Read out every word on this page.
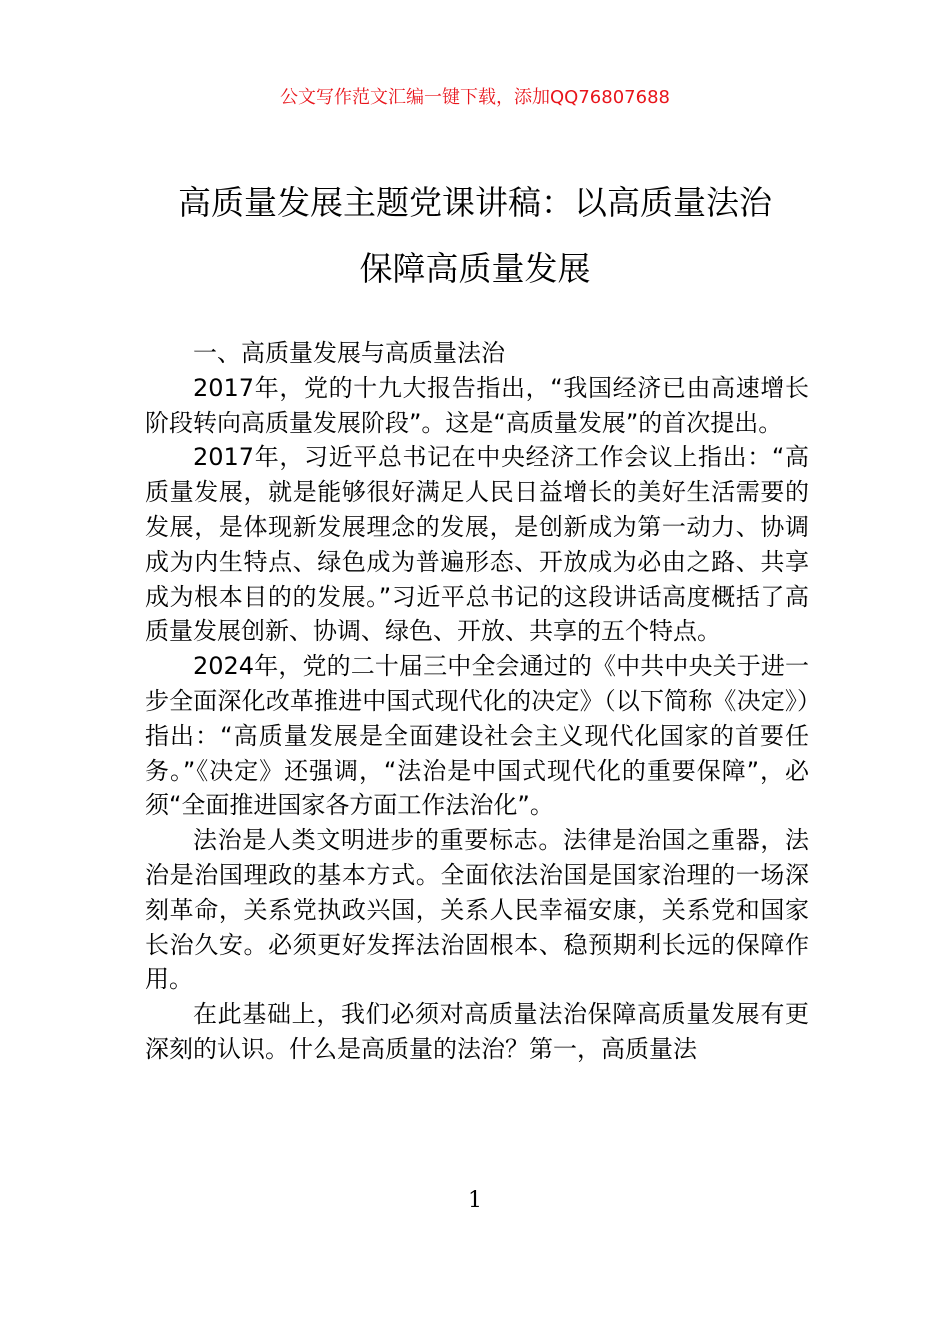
公文写作范文汇编一键下载，添加QQ76807688
高质量发展主题党课讲稿：以高质量法治
保障高质量发展

一、高质量发展与高质量法治

2017年，党的十九大报告指出，“我国经济已由高速增长阶段转向高质量发展阶段”。这是“高质量发展”的首次提出。

2017年，习近平总书记在中央经济工作会议上指出：“高质量发展，就是能够很好满足人民日益增长的美好生活需要的发展，是体现新发展理念的发展，是创新成为第一动力、协调成为内生特点、绿色成为普遍形态、开放成为必由之路、共享成为根本目的的发展。”习近平总书记的这段讲话高度概括了高质量发展创新、协调、绿色、开放、共享的五个特点。

2024年，党的二十届三中全会通过的《中共中央关于进一步全面深化改革推进中国式现代化的决定》（以下简称《决定》）指出：“高质量发展是全面建设社会主义现代化国家的首要任务。”《决定》还强调，“法治是中国式现代化的重要保障”，必须“全面推进国家各方面工作法治化”。

法治是人类文明进步的重要标志。法律是治国之重器，法治是治国理政的基本方式。全面依法治国是国家治理的一场深刻革命，关系党执政兴国，关系人民幸福安康，关系党和国家长治久安。必须更好发挥法治固根本、稳预期利长远的保障作用。

在此基础上，我们必须对高质量法治保障高质量发展有更深刻的认识。什么是高质量的法治？第一，高质量法

1
